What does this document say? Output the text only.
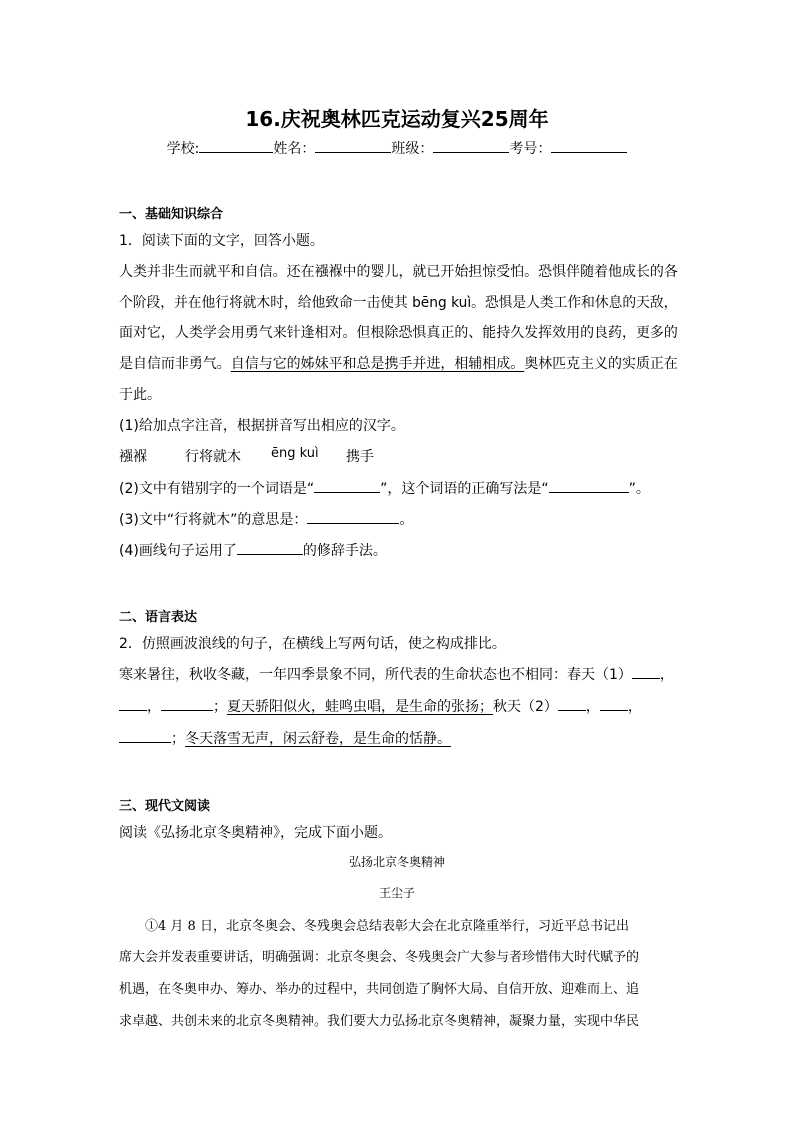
16.庆祝奥林匹克运动复兴25周年
学校:	姓名：	班级：	考号：
一、基础知识综合
1．阅读下面的文字，回答小题。
人类并非生而就平和自信。还在襁褓中的婴儿，就已开始担惊受怕。恐惧伴随着他成长的各
个阶段，并在他行将就木时，给他致命一击使其 bēng kuì。恐惧是人类工作和休息的天敌，
面对它，人类学会用勇气来针逢相对。但根除恐惧真正的、能持久发挥效用的良药，更多的
是自信而非勇气。自信与它的姊妹平和总是携手并进，相辅相成。奥林匹克主义的实质正在
于此。
(1)给加点字注音，根据拼音写出相应的汉字。
襁褓	行将就木 ēng kuì 携手
(2)文中有错别字的一个词语是“	”，这个词语的正确写法是“	”。
(3)文中“行将就木”的意思是：	。
(4)画线句子运用了	的修辞手法。
二、语言表达
2．仿照画波浪线的句子，在横线上写两句话，使之构成排比。
寒来暑往，秋收冬藏，一年四季景象不同，所代表的生命状态也不相同：春天（1） ，
，	；夏天骄阳似火，蛙鸣虫唱，是生命的张扬；秋天（2） ， ，
；冬天落雪无声，闲云舒卷，是生命的恬静。
三、现代文阅读
阅读《弘扬北京冬奥精神》，完成下面小题。
弘扬北京冬奥精神
王尘子
①4 月 8 日，北京冬奥会、冬残奥会总结表彰大会在北京隆重举行，习近平总书记出
席大会并发表重要讲话，明确强调：北京冬奥会、冬残奥会广大参与者珍惜伟大时代赋予的
机遇，在冬奥申办、筹办、举办的过程中，共同创造了胸怀大局、自信开放、迎难而上、追
求卓越、共创未来的北京冬奥精神。我们要大力弘扬北京冬奥精神，凝聚力量，实现中华民
